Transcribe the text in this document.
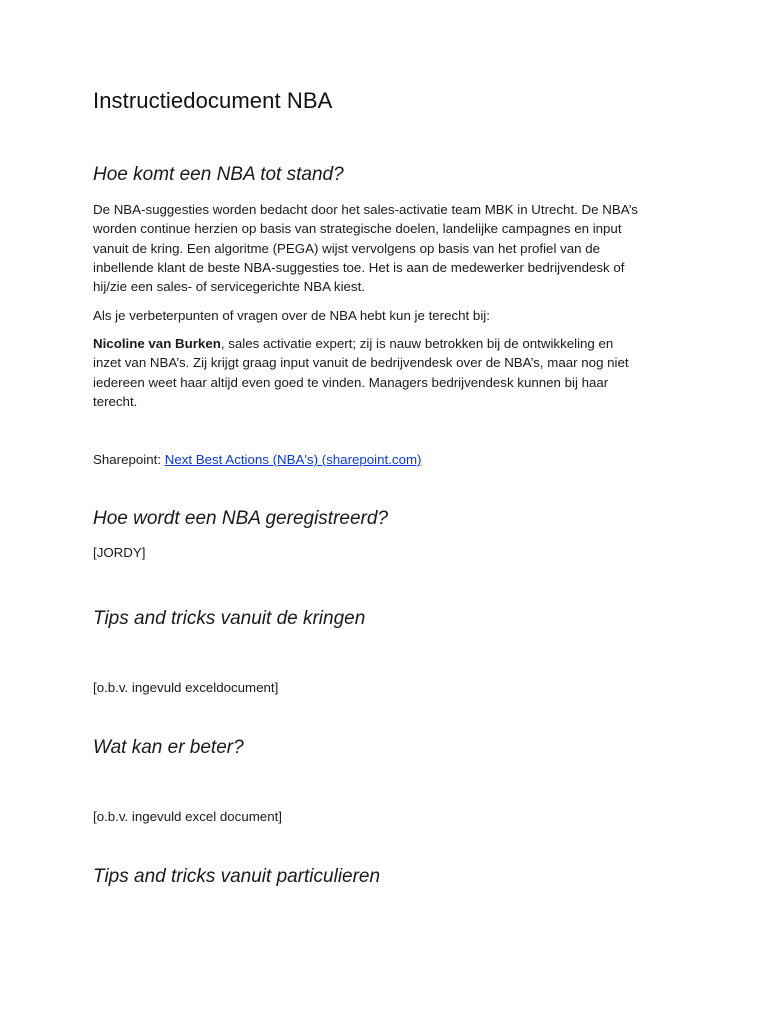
Instructiedocument NBA
Hoe komt een NBA tot stand?
De NBA-suggesties worden bedacht door het sales-activatie team MBK in Utrecht. De NBA’s
worden continue herzien op basis van strategische doelen, landelijke campagnes en input
vanuit de kring. Een algoritme (PEGA) wijst vervolgens op basis van het profiel van de
inbellende klant de beste NBA-suggesties toe. Het is aan de medewerker bedrijvendesk of
hij/zie een sales- of servicegerichte NBA kiest.
Als je verbeterpunten of vragen over de NBA hebt kun je terecht bij:
Nicoline van Burken, sales activatie expert; zij is nauw betrokken bij de ontwikkeling en
inzet van NBA’s. Zij krijgt graag input vanuit de bedrijvendesk over de NBA’s, maar nog niet
iedereen weet haar altijd even goed te vinden. Managers bedrijvendesk kunnen bij haar
terecht.
Sharepoint: Next Best Actions (NBA's) (sharepoint.com)
Hoe wordt een NBA geregistreerd?
[JORDY]
Tips and tricks vanuit de kringen
[o.b.v. ingevuld exceldocument]
Wat kan er beter?
[o.b.v. ingevuld excel document]
Tips and tricks vanuit particulieren
